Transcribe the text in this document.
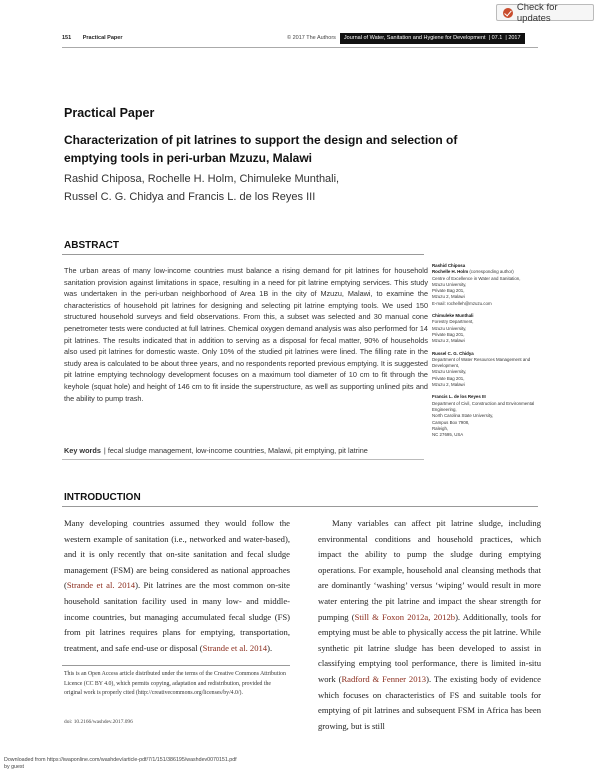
Check for updates
151 Practical Paper	© 2017 The Authors	Journal of Water, Sanitation and Hygiene for Development  | 07.1  | 2017
Practical Paper
Characterization of pit latrines to support the design and selection of emptying tools in peri-urban Mzuzu, Malawi
Rashid Chiposa, Rochelle H. Holm, Chimuleke Munthali,
Russel C. G. Chidya and Francis L. de los Reyes III
ABSTRACT
The urban areas of many low-income countries must balance a rising demand for pit latrines for household sanitation provision against limitations in space, resulting in a need for pit latrine emptying services. This study was undertaken in the peri-urban neighborhood of Area 1B in the city of Mzuzu, Malawi, to examine the characteristics of household pit latrines for designing and selecting pit latrine emptying tools. We used 150 structured household surveys and field observations. From this, a subset was selected and 30 manual cone penetrometer tests were conducted at full latrines. Chemical oxygen demand analysis was also performed for 14 pit latrines. The results indicated that in addition to serving as a disposal for fecal matter, 90% of households also used pit latrines for domestic waste. Only 10% of the studied pit latrines were lined. The filling rate in the study area is calculated to be about three years, and no respondents reported previous emptying. It is suggested pit latrine emptying technology development focuses on a maximum tool diameter of 10 cm to fit through the keyhole (squat hole) and height of 146 cm to fit inside the superstructure, as well as supporting unlined pits and the ability to pump trash.
Key words | fecal sludge management, low-income countries, Malawi, pit emptying, pit latrine
Rashid Chiposa
Rochelle H. Holm (corresponding author)
Centre of Excellence in Water and Sanitation,
Mzuzu University,
Private Bag 201,
Mzuzu 2, Malawi
E-mail: rochelleh@mzuzu.com
Chimuleke Munthali
Forestry Department,
Mzuzu University,
Private Bag 201,
Mzuzu 2, Malawi
Russel C. G. Chidya
Department of Water Resources Management and Development,
Mzuzu University,
Private Bag 201,
Mzuzu 2, Malawi
Francis L. de los Reyes III
Department of Civil, Construction and Environmental Engineering,
North Carolina State University,
Campus Box 7908,
Raleigh,
NC 27695, USA
INTRODUCTION
Many developing countries assumed they would follow the western example of sanitation (i.e., networked and water-based), and it is only recently that on-site sanitation and fecal sludge management (FSM) are being considered as national approaches (Strande et al. 2014). Pit latrines are the most common on-site household sanitation facility used in many low- and middle-income countries, but managing accumulated fecal sludge (FS) from pit latrines requires plans for emptying, transportation, treatment, and safe end-use or disposal (Strande et al. 2014).
Many variables can affect pit latrine sludge, including environmental conditions and household practices, which impact the ability to pump the sludge during emptying operations. For example, household anal cleansing methods that are dominantly ‘washing’ versus ‘wiping’ would result in more water entering the pit latrine and impact the shear strength for pumping (Still & Foxon 2012a, 2012b). Additionally, tools for emptying must be able to physically access the pit latrine. While synthetic pit latrine sludge has been developed to assist in classifying emptying tool performance, there is limited in-situ work (Radford & Fenner 2013). The existing body of evidence which focuses on characteristics of FS and suitable tools for emptying of pit latrines and subsequent FSM in Africa has been growing, but is still
This is an Open Access article distributed under the terms of the Creative Commons Attribution Licence (CC BY 4.0), which permits copying, adaptation and redistribution, provided the original work is properly cited (http://creativecommons.org/licenses/by/4.0/).
doi: 10.2166/washdev.2017.096
Downloaded from https://iwaponline.com/washdev/article-pdf/7/1/151/386195/washdev0070151.pdf
by guest
